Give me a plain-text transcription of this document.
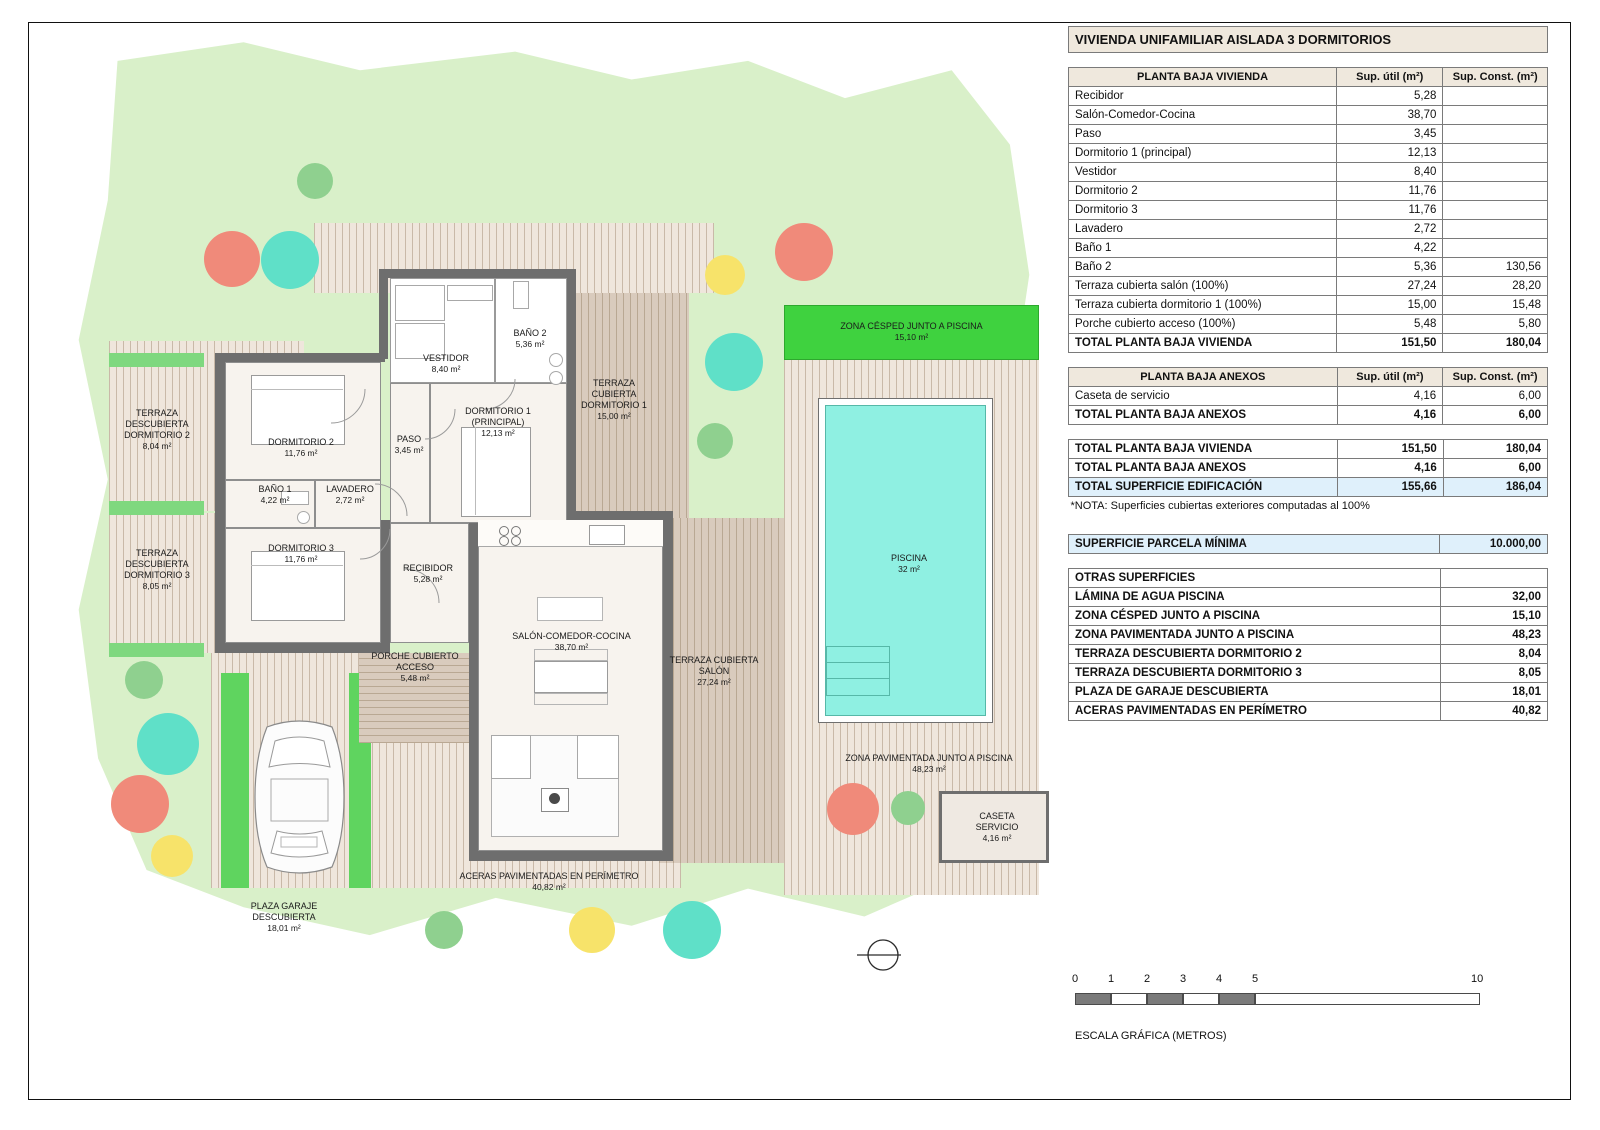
ZONA CÉSPED JUNTO A PISCINA
15,10 m²
PISCINA
32 m²
ZONA PAVIMENTADA JUNTO A PISCINA
48,23 m²
CASETA SERVICIO
4,16 m²
VESTIDOR
8,40 m²
BAÑO 2
5,36 m²
DORMITORIO 2
11,76 m²
PASO
3,45 m²
DORMITORIO 1 (PRINCIPAL)
12,13 m²
TERRAZA CUBIERTA DORMITORIO 1
15,00 m²
BAÑO 1
4,22 m²
LAVADERO
2,72 m²
DORMITORIO 3
11,76 m²
RECIBIDOR
5,28 m²
SALÓN-COMEDOR-COCINA
38,70 m²
PORCHE CUBIERTO ACCESO
5,48 m²
TERRAZA CUBIERTA SALÓN
27,24 m²
TERRAZA DESCUBIERTA DORMITORIO 2
8,04 m²
TERRAZA DESCUBIERTA DORMITORIO 3
8,05 m²
ACERAS PAVIMENTADAS EN PERÍMETRO
40,82 m²
PLAZA GARAJE DESCUBIERTA
18,01 m²
VIVIENDA UNIFAMILIAR AISLADA 3 DORMITORIOS
PLANTA BAJA VIVIENDA	Sup. útil (m²)	Sup. Const. (m²)
Recibidor	5,28	
Salón-Comedor-Cocina	38,70	
Paso	3,45	
Dormitorio 1 (principal)	12,13	
Vestidor	8,40	
Dormitorio 2	11,76	
Dormitorio 3	11,76	
Lavadero	2,72	
Baño 1	4,22	
Baño 2	5,36	130,56
Terraza cubierta salón (100%)	27,24	28,20
Terraza cubierta dormitorio 1 (100%)	15,00	15,48
Porche cubierto acceso (100%)	5,48	5,80
TOTAL PLANTA BAJA VIVIENDA	151,50	180,04
PLANTA BAJA ANEXOS	Sup. útil (m²)	Sup. Const. (m²)
Caseta de servicio	4,16	6,00
TOTAL PLANTA BAJA ANEXOS	4,16	6,00
TOTAL PLANTA BAJA VIVIENDA	151,50	180,04
TOTAL PLANTA BAJA ANEXOS	4,16	6,00
TOTAL SUPERFICIE EDIFICACIÓN	155,66	186,04
*NOTA: Superficies cubiertas exteriores computadas al 100%		
SUPERFICIE PARCELA MÍNIMA	10.000,00
OTRAS SUPERFICIES	
LÁMINA DE AGUA PISCINA	32,00
ZONA CÉSPED JUNTO A PISCINA	15,10
ZONA PAVIMENTADA JUNTO A PISCINA	48,23
TERRAZA DESCUBIERTA DORMITORIO 2	8,04
TERRAZA DESCUBIERTA DORMITORIO 3	8,05
PLAZA DE GARAJE DESCUBIERTA	18,01
ACERAS PAVIMENTADAS EN PERÍMETRO	40,82
0	1	2	3	4	5	10
ESCALA GRÁFICA (METROS)
